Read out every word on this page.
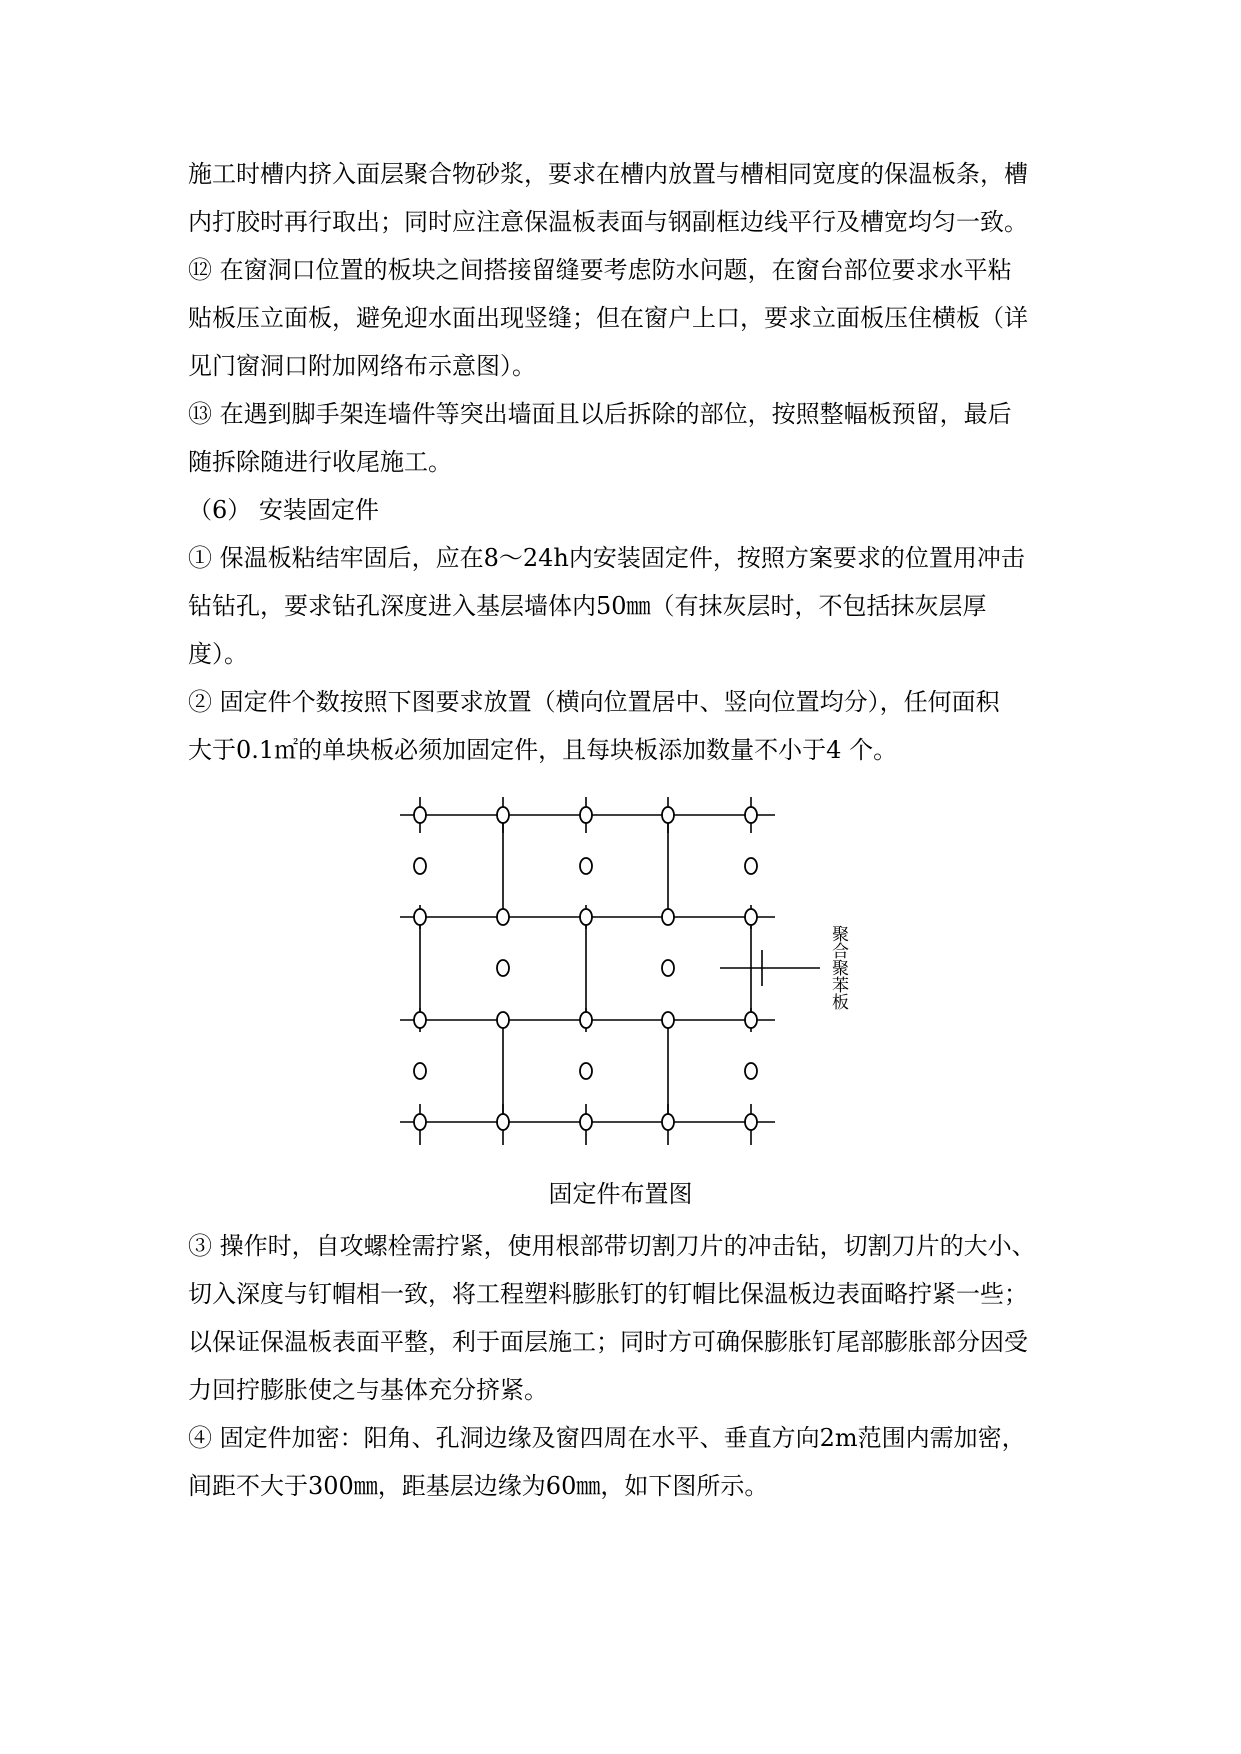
施工时槽内挤入面层聚合物砂浆，要求在槽内放置与槽相同宽度的保温板条，槽
内打胶时再行取出；同时应注意保温板表面与钢副框边线平行及槽宽均匀一致。
⑫ 在窗洞口位置的板块之间搭接留缝要考虑防水问题，在窗台部位要求水平粘
贴板压立面板，避免迎水面出现竖缝；但在窗户上口，要求立面板压住横板（详
见门窗洞口附加网络布示意图）。
⑬ 在遇到脚手架连墙件等突出墙面且以后拆除的部位，按照整幅板预留，最后
随拆除随进行收尾施工。
（6） 安装固定件
① 保温板粘结牢固后，应在8～24h内安装固定件，按照方案要求的位置用冲击
钻钻孔，要求钻孔深度进入基层墙体内50㎜（有抹灰层时，不包括抹灰层厚
度）。
② 固定件个数按照下图要求放置（横向位置居中、竖向位置均分），任何面积
大于0.1㎡的单块板必须加固定件，且每块板添加数量不小于4 个。
聚合聚苯板
固定件布置图
③ 操作时，自攻螺栓需拧紧，使用根部带切割刀片的冲击钻，切割刀片的大小、
切入深度与钉帽相一致，将工程塑料膨胀钉的钉帽比保温板边表面略拧紧一些；
以保证保温板表面平整，利于面层施工；同时方可确保膨胀钉尾部膨胀部分因受
力回拧膨胀使之与基体充分挤紧。
④ 固定件加密：阳角、孔洞边缘及窗四周在水平、垂直方向2m范围内需加密，
间距不大于300㎜，距基层边缘为60㎜，如下图所示。
